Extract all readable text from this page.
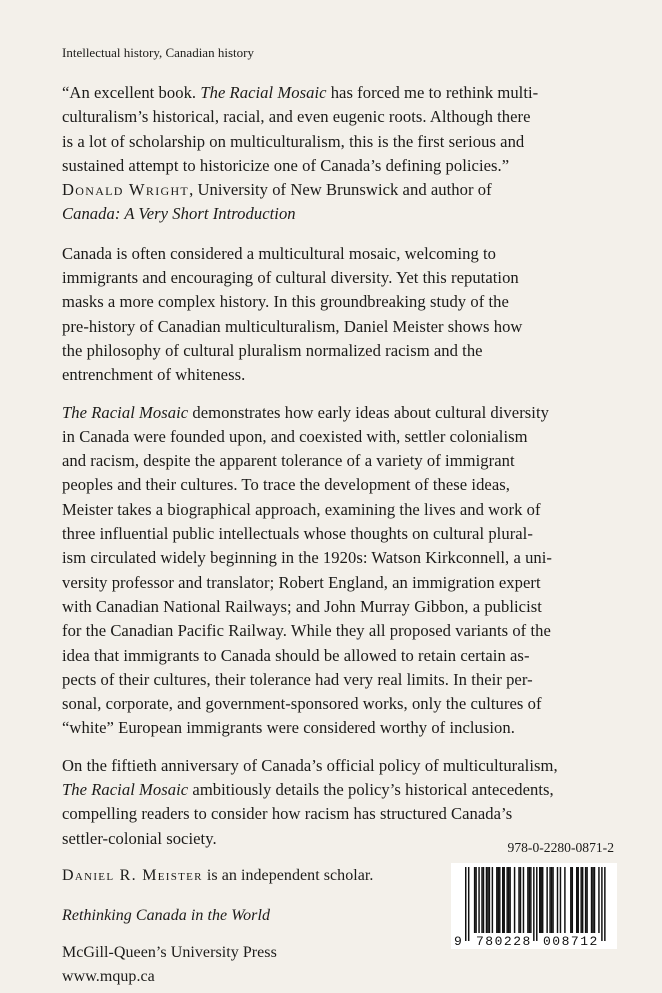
Intellectual history, Canadian history
“An excellent book. The Racial Mosaic has forced me to rethink multi-
culturalism’s historical, racial, and even eugenic roots. Although there
is a lot of scholarship on multiculturalism, this is the first serious and
sustained attempt to historicize one of Canada’s defining policies.”
Donald Wright, University of New Brunswick and author of
Canada: A Very Short Introduction
Canada is often considered a multicultural mosaic, welcoming to
immigrants and encouraging of cultural diversity. Yet this reputation
masks a more complex history. In this groundbreaking study of the
pre-history of Canadian multiculturalism, Daniel Meister shows how
the philosophy of cultural pluralism normalized racism and the
entrenchment of whiteness.
The Racial Mosaic demonstrates how early ideas about cultural diversity
in Canada were founded upon, and coexisted with, settler colonialism
and racism, despite the apparent tolerance of a variety of immigrant
peoples and their cultures. To trace the development of these ideas,
Meister takes a biographical approach, examining the lives and work of
three influential public intellectuals whose thoughts on cultural plural-
ism circulated widely beginning in the 1920s: Watson Kirkconnell, a uni-
versity professor and translator; Robert England, an immigration expert
with Canadian National Railways; and John Murray Gibbon, a publicist
for the Canadian Pacific Railway. While they all proposed variants of the
idea that immigrants to Canada should be allowed to retain certain as-
pects of their cultures, their tolerance had very real limits. In their per-
sonal, corporate, and government-sponsored works, only the cultures of
“white” European immigrants were considered worthy of inclusion.
On the fiftieth anniversary of Canada’s official policy of multiculturalism,
The Racial Mosaic ambitiously details the policy’s historical antecedents,
compelling readers to consider how racism has structured Canada’s
settler-colonial society.
Daniel R. Meister is an independent scholar.
Rethinking Canada in the World
McGill-Queen’s University Press
www.mqup.ca
978-0-2280-0871-2
9 780228 008712
